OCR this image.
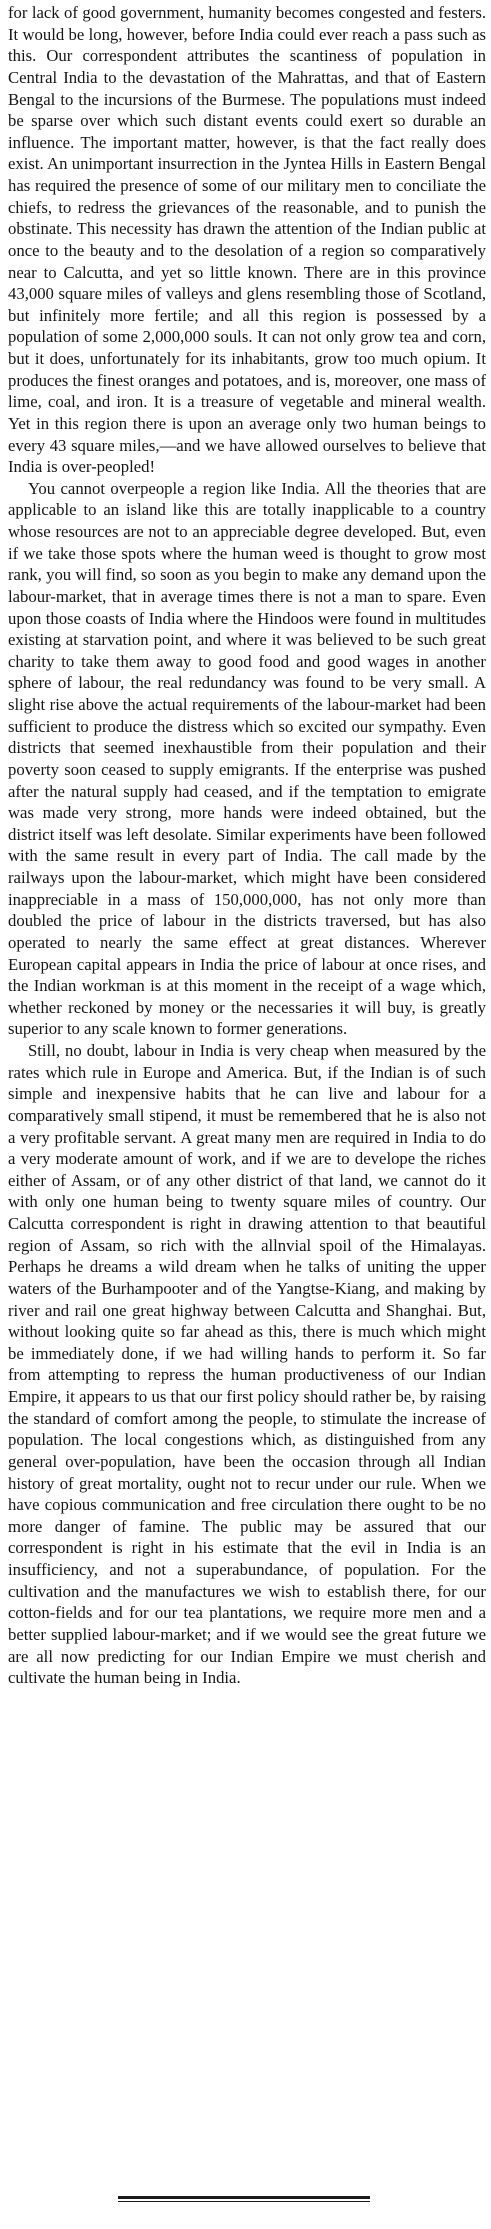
for lack of good government, humanity becomes congested and festers. It would be long, however, before India could ever reach a pass such as this. Our correspondent attributes the scantiness of population in Central India to the devastation of the Mahrattas, and that of Eastern Bengal to the incursions of the Burmese. The populations must indeed be sparse over which such distant events could exert so durable an influence. The important matter, however, is that the fact really does exist. An unimportant insurrection in the Jyntea Hills in Eastern Bengal has required the presence of some of our military men to conciliate the chiefs, to redress the grievances of the reasonable, and to punish the obstinate. This necessity has drawn the attention of the Indian public at once to the beauty and to the desolation of a region so comparatively near to Calcutta, and yet so little known. There are in this province 43,000 square miles of valleys and glens resembling those of Scotland, but infinitely more fertile; and all this region is possessed by a population of some 2,000,000 souls. It can not only grow tea and corn, but it does, unfortunately for its inhabitants, grow too much opium. It produces the finest oranges and potatoes, and is, moreover, one mass of lime, coal, and iron. It is a treasure of vegetable and mineral wealth. Yet in this region there is upon an average only two human beings to every 43 square miles,—and we have allowed ourselves to believe that India is over-peopled!

You cannot overpeople a region like India. All the theories that are applicable to an island like this are totally inapplicable to a country whose resources are not to an appreciable degree developed. But, even if we take those spots where the human weed is thought to grow most rank, you will find, so soon as you begin to make any demand upon the labour-market, that in average times there is not a man to spare. Even upon those coasts of India where the Hindoos were found in multitudes existing at starvation point, and where it was believed to be such great charity to take them away to good food and good wages in another sphere of labour, the real redundancy was found to be very small. A slight rise above the actual requirements of the labour-market had been sufficient to produce the distress which so excited our sympathy. Even districts that seemed inexhaustible from their population and their poverty soon ceased to supply emigrants. If the enterprise was pushed after the natural supply had ceased, and if the temptation to emigrate was made very strong, more hands were indeed obtained, but the district itself was left desolate. Similar experiments have been followed with the same result in every part of India. The call made by the railways upon the labour-market, which might have been considered inappreciable in a mass of 150,000,000, has not only more than doubled the price of labour in the districts traversed, but has also operated to nearly the same effect at great distances. Wherever European capital appears in India the price of labour at once rises, and the Indian workman is at this moment in the receipt of a wage which, whether reckoned by money or the necessaries it will buy, is greatly superior to any scale known to former generations.

Still, no doubt, labour in India is very cheap when measured by the rates which rule in Europe and America. But, if the Indian is of such simple and inexpensive habits that he can live and labour for a comparatively small stipend, it must be remembered that he is also not a very profitable servant. A great many men are required in India to do a very moderate amount of work, and if we are to develope the riches either of Assam, or of any other district of that land, we cannot do it with only one human being to twenty square miles of country. Our Calcutta correspondent is right in drawing attention to that beautiful region of Assam, so rich with the allnvial spoil of the Himalayas. Perhaps he dreams a wild dream when he talks of uniting the upper waters of the Burhampooter and of the Yangtse-Kiang, and making by river and rail one great highway between Calcutta and Shanghai. But, without looking quite so far ahead as this, there is much which might be immediately done, if we had willing hands to perform it. So far from attempting to repress the human productiveness of our Indian Empire, it appears to us that our first policy should rather be, by raising the standard of comfort among the people, to stimulate the increase of population. The local congestions which, as distinguished from any general over-population, have been the occasion through all Indian history of great mortality, ought not to recur under our rule. When we have copious communication and free circulation there ought to be no more danger of famine. The public may be assured that our correspondent is right in his estimate that the evil in India is an insufficiency, and not a superabundance, of population. For the cultivation and the manufactures we wish to establish there, for our cotton-fields and for our tea plantations, we require more men and a better supplied labour-market; and if we would see the great future we are all now predicting for our Indian Empire we must cherish and cultivate the human being in India.
